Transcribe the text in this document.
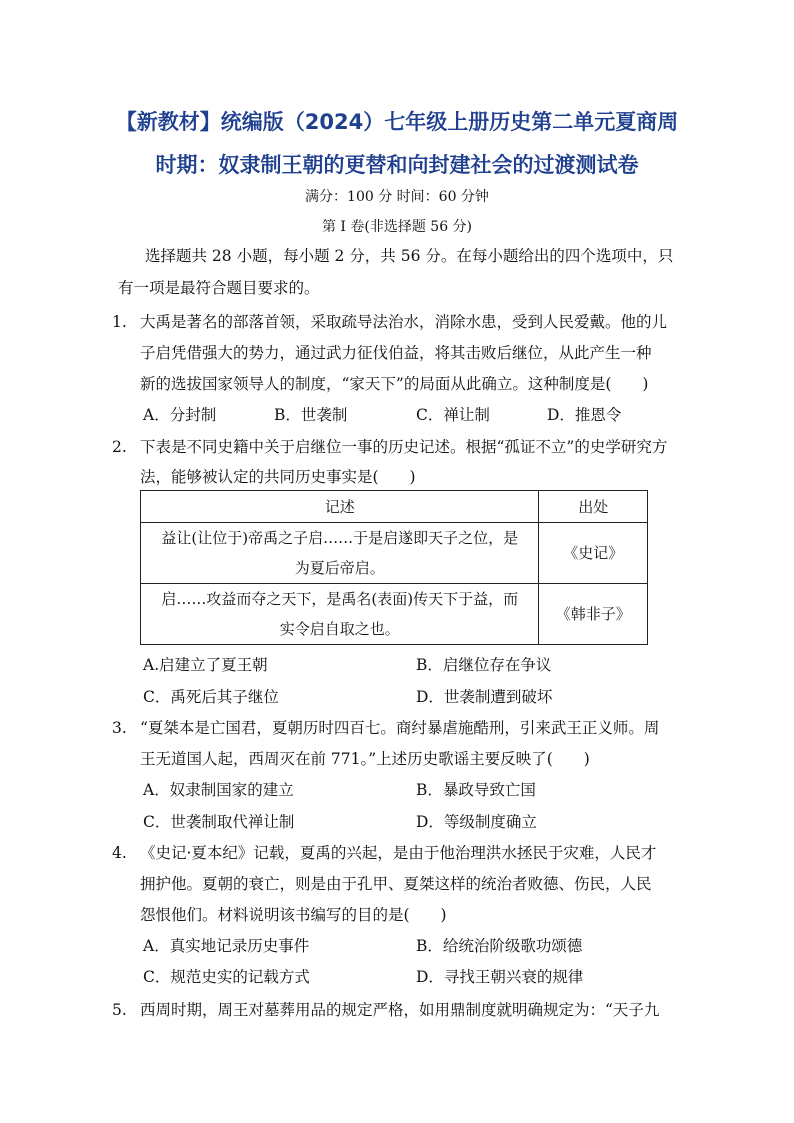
【新教材】统编版（2024）七年级上册历史第二单元夏商周
时期：奴隶制王朝的更替和向封建社会的过渡测试卷
满分：100 分 时间：60 分钟
第 I 卷(非选择题 56 分)
选择题共 28 小题，每小题 2 分，共 56 分。在每小题给出的四个选项中，只
有一项是最符合题目要求的。
1. 大禹是著名的部落首领，采取疏导法治水，消除水患，受到人民爱戴。他的儿
子启凭借强大的势力，通过武力征伐伯益，将其击败后继位，从此产生一种
新的选拔国家领导人的制度，“家天下”的局面从此确立。这种制度是(　　)
A．分封制	B．世袭制	C．禅让制	D．推恩令
2. 下表是不同史籍中关于启继位一事的历史记述。根据“孤证不立”的史学研究方
法，能够被认定的共同历史事实是(　　)
记述	出处

益让(让位于)帝禹之子启……于是启遂即天子之位，是
为夏后帝启。	《史记》

启……攻益而夺之天下，是禹名(表面)传天下于益，而
实令启自取之也。	《韩非子》
A.启建立了夏王朝	B．启继位存在争议
C．禹死后其子继位	D．世袭制遭到破坏
3. “夏桀本是亡国君，夏朝历时四百七。商纣暴虐施酷刑，引来武王正义师。周
王无道国人起，西周灭在前 771。”上述历史歌谣主要反映了(　　)
A．奴隶制国家的建立	B．暴政导致亡国
C．世袭制取代禅让制	D．等级制度确立
4. 《史记·夏本纪》记载，夏禹的兴起，是由于他治理洪水拯民于灾难，人民才
拥护他。夏朝的衰亡，则是由于孔甲、夏桀这样的统治者败德、伤民，人民
怨恨他们。材料说明该书编写的目的是(　　)
A．真实地记录历史事件	B．给统治阶级歌功颂德
C．规范史实的记载方式	D．寻找王朝兴衰的规律
5. 西周时期，周王对墓葬用品的规定严格，如用鼎制度就明确规定为：“天子九
